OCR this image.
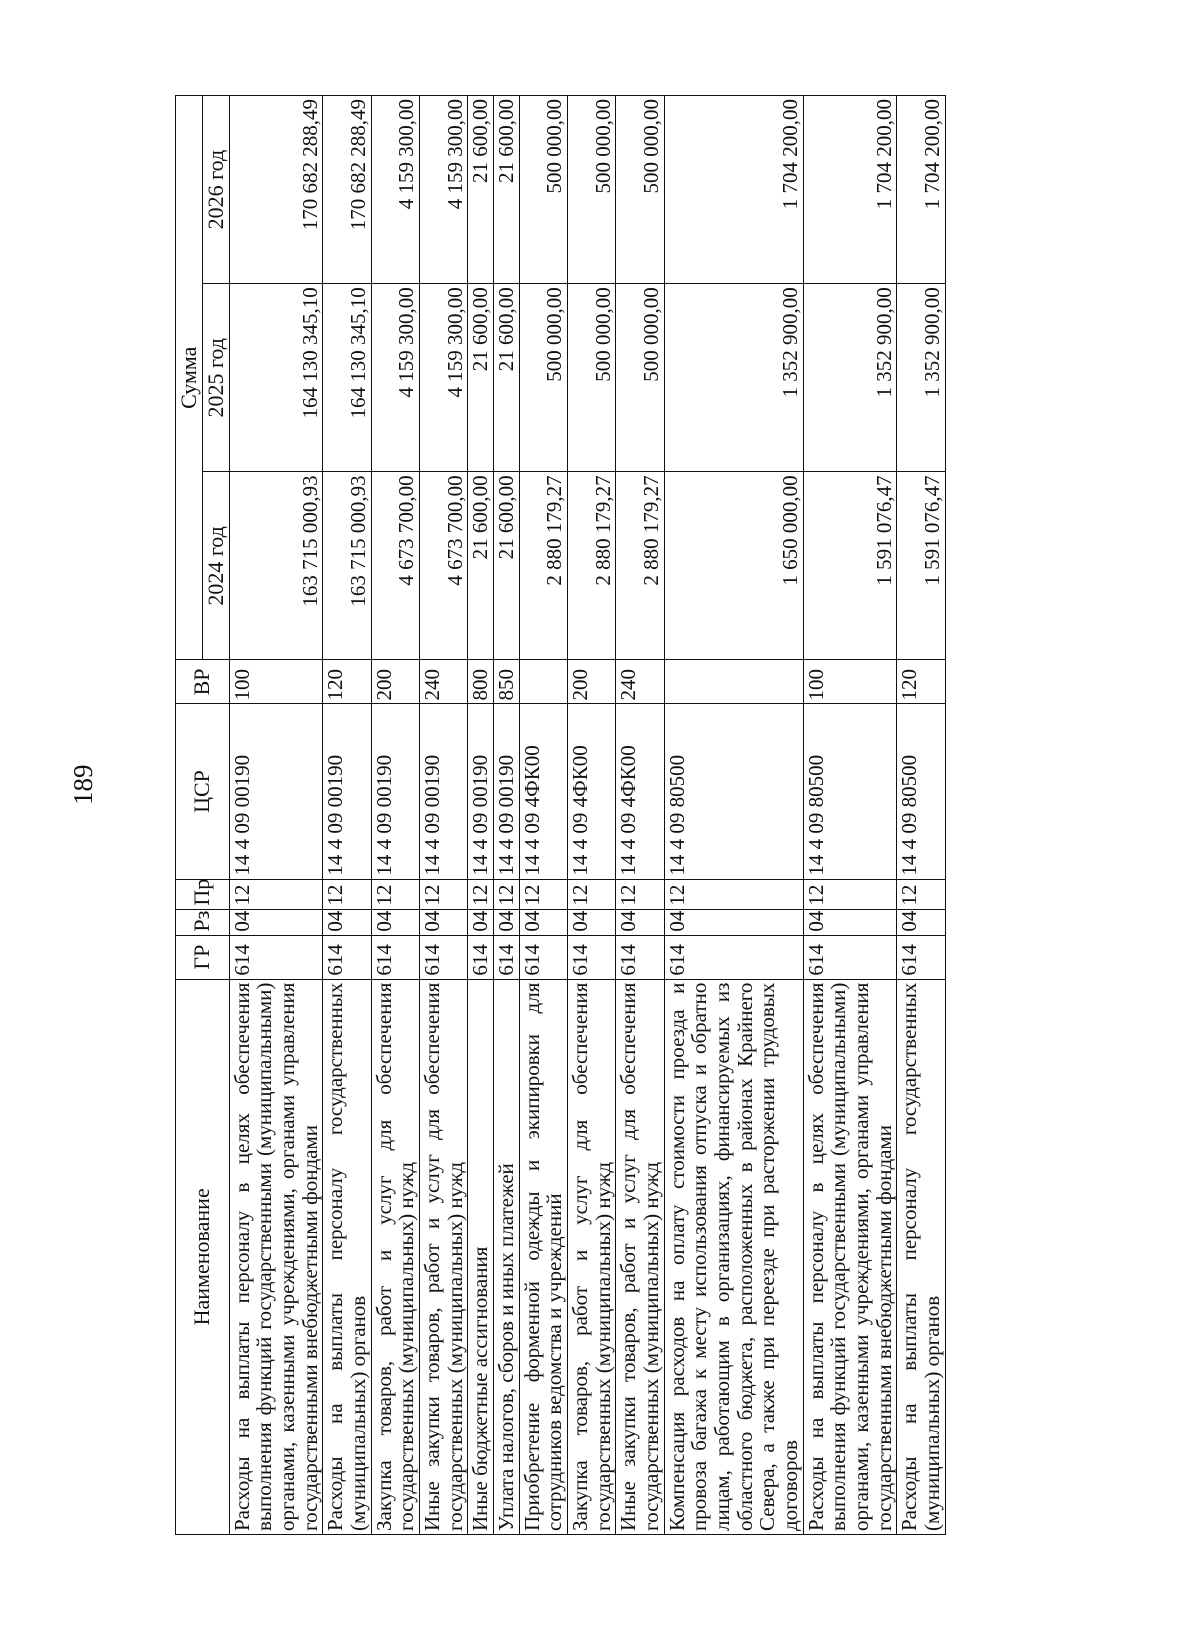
189
Наименование	ГР	Рз	Пр	ЦСР	ВР	Сумма		
						2024 год	2025 год	2026 год
Расходы на выплаты персоналу в целях обеспечения выполнения функций государственными (муниципальными) органами, казенными учреждениями, органами управления государственными внебюджетными фондами	614	04	12	14 4 09 00190	100	163 715 000,93	164 130 345,10	170 682 288,49
Расходы на выплаты персоналу государственных (муниципальных) органов	614	04	12	14 4 09 00190	120	163 715 000,93	164 130 345,10	170 682 288,49
Закупка товаров, работ и услуг для обеспечения государственных (муниципальных) нужд	614	04	12	14 4 09 00190	200	4 673 700,00	4 159 300,00	4 159 300,00
Иные закупки товаров, работ и услуг для обеспечения государственных (муниципальных) нужд	614	04	12	14 4 09 00190	240	4 673 700,00	4 159 300,00	4 159 300,00
Иные бюджетные ассигнования	614	04	12	14 4 09 00190	800	21 600,00	21 600,00	21 600,00
Уплата налогов, сборов и иных платежей	614	04	12	14 4 09 00190	850	21 600,00	21 600,00	21 600,00
Приобретение форменной одежды и экипировки для сотрудников ведомства и учреждений	614	04	12	14 4 09 4ФК00		2 880 179,27	500 000,00	500 000,00
Закупка товаров, работ и услуг для обеспечения государственных (муниципальных) нужд	614	04	12	14 4 09 4ФК00	200	2 880 179,27	500 000,00	500 000,00
Иные закупки товаров, работ и услуг для обеспечения государственных (муниципальных) нужд	614	04	12	14 4 09 4ФК00	240	2 880 179,27	500 000,00	500 000,00
Компенсация расходов на оплату стоимости проезда и провоза багажа к месту использования отпуска и обратно лицам, работающим в организациях, финансируемых из областного бюджета, расположенных в районах Крайнего Севера, а также при переезде при расторжении трудовых договоров	614	04	12	14 4 09 80500		1 650 000,00	1 352 900,00	1 704 200,00
Расходы на выплаты персоналу в целях обеспечения выполнения функций государственными (муниципальными) органами, казенными учреждениями, органами управления государственными внебюджетными фондами	614	04	12	14 4 09 80500	100	1 591 076,47	1 352 900,00	1 704 200,00
Расходы на выплаты персоналу государственных (муниципальных) органов	614	04	12	14 4 09 80500	120	1 591 076,47	1 352 900,00	1 704 200,00
